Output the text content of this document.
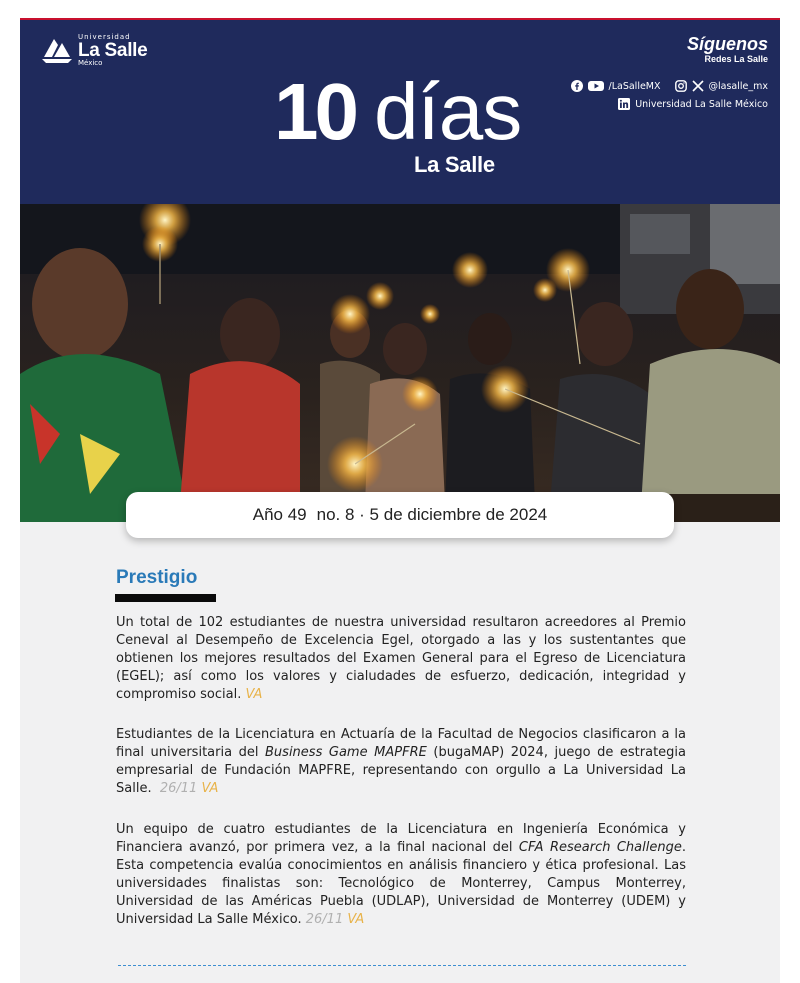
Universidad
La Salle
México
10 días
La Salle
Síguenos
Redes La Salle
/LaSalleMX	@lasalle_mx
Universidad La Salle México
Año 49 no. 8 · 5 de diciembre de 2024
Prestigio

Un total de 102 estudiantes de nuestra universidad resultaron acreedores al Premio Ceneval al Desempeño de Excelencia Egel, otorgado a las y los sustentantes que obtienen los mejores resultados del Examen General para el Egreso de Licenciatura (EGEL); así como los valores y cialudades de esfuerzo, dedicación, integridad y compromiso social. VA

Estudiantes de la Licenciatura en Actuaría de la Facultad de Negocios clasificaron a la final universitaria del Business Game MAPFRE (bugaMAP) 2024, juego de estrategia empresarial de Fundación MAPFRE, representando con orgullo a La Universidad La Salle. 26/11 VA

Un equipo de cuatro estudiantes de la Licenciatura en Ingeniería Económica y Financiera avanzó, por primera vez, a la final nacional del CFA Research Challenge. Esta competencia evalúa conocimientos en análisis financiero y ética profesional. Las universidades finalistas son: Tecnológico de Monterrey, Campus Monterrey, Universidad de las Américas Puebla (UDLAP), Universidad de Monterrey (UDEM) y Universidad La Salle México. 26/11 VA
